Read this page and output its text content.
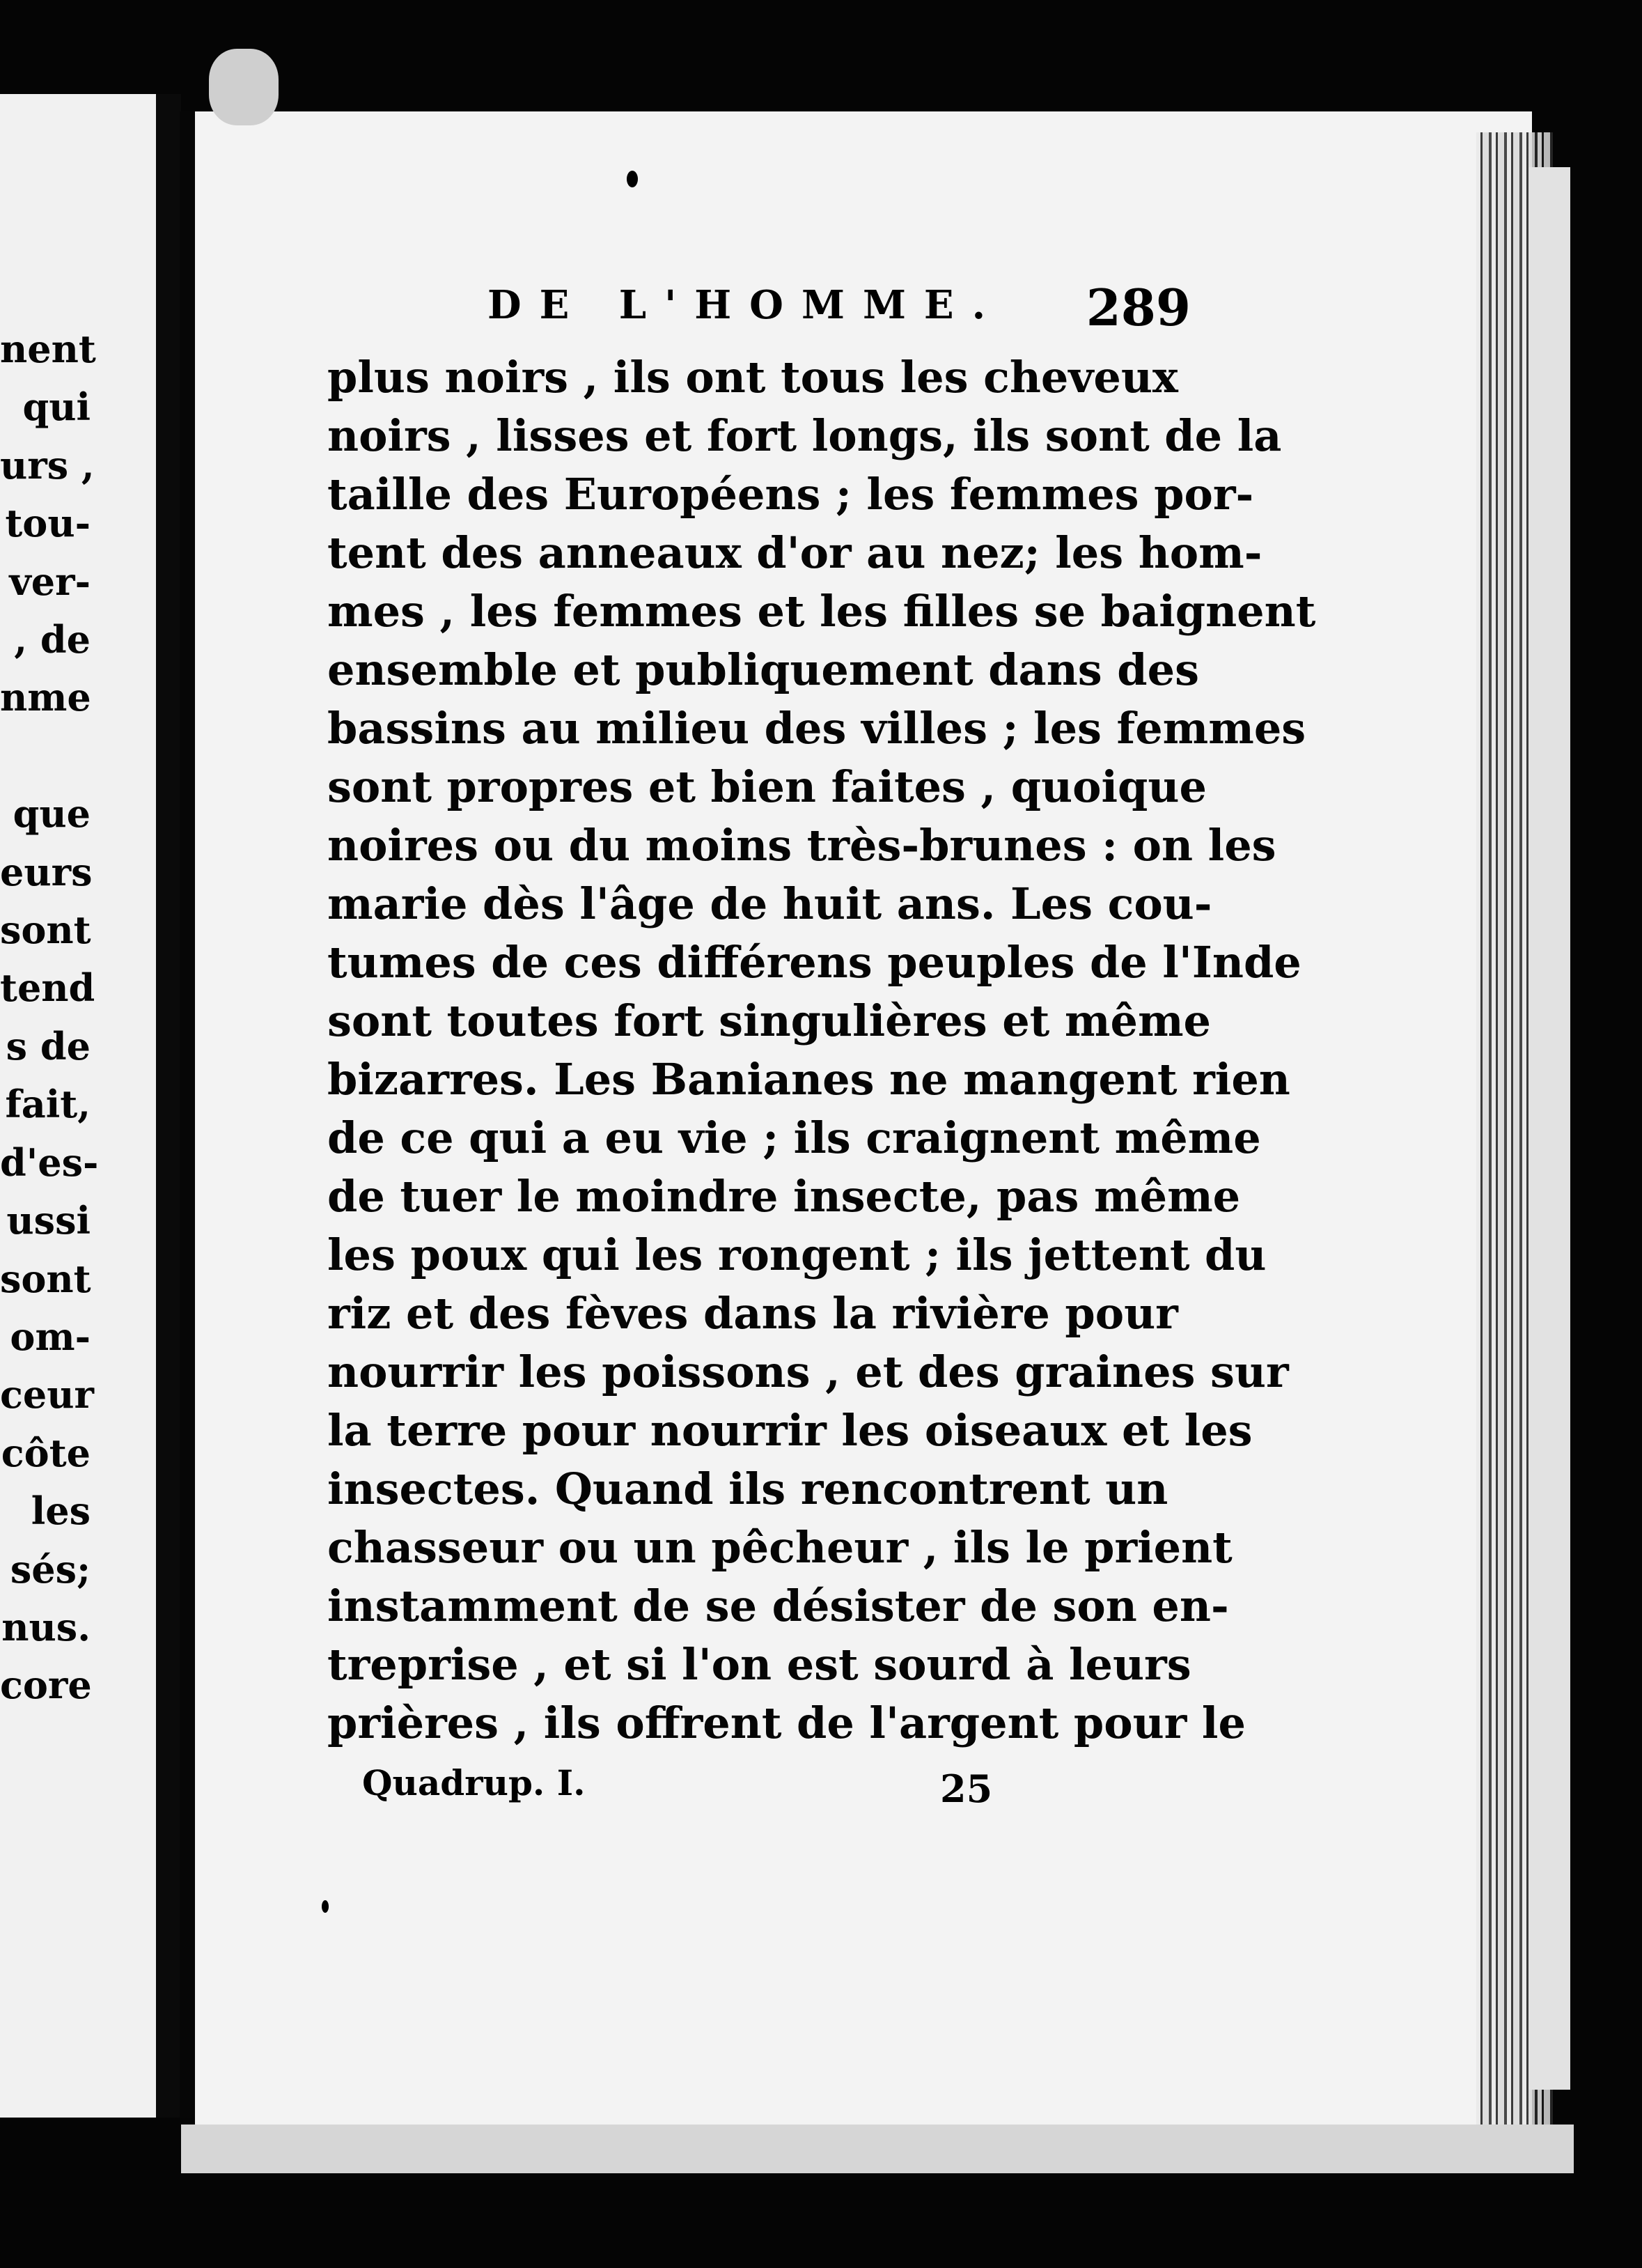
nent
qui
urs ,
tou-
ver-
, de
nme

que
eurs
sont
tend
s de
fait,
d'es-
ussi
sont
om-
ceur
côte
les
sés;
nus.
core
DE L'HOMME. 289
plus noirs , ils ont tous les cheveux
noirs , lisses et fort longs, ils sont de la
taille des Européens ; les femmes por-
tent des anneaux d'or au nez; les hom-
mes , les femmes et les filles se baignent
ensemble et publiquement dans des
bassins au milieu des villes ; les femmes
sont propres et bien faites , quoique
noires ou du moins très-brunes : on les
marie dès l'âge de huit ans. Les cou-
tumes de ces différens peuples de l'Inde
sont toutes fort singulières et même
bizarres. Les Banianes ne mangent rien
de ce qui a eu vie ; ils craignent même
de tuer le moindre insecte, pas même
les poux qui les rongent ; ils jettent du
riz et des fèves dans la rivière pour
nourrir les poissons , et des graines sur
la terre pour nourrir les oiseaux et les
insectes. Quand ils rencontrent un
chasseur ou un pêcheur , ils le prient
instamment de se désister de son en-
treprise , et si l'on est sourd à leurs
prières , ils offrent de l'argent pour le
Quadrup. I.	25
